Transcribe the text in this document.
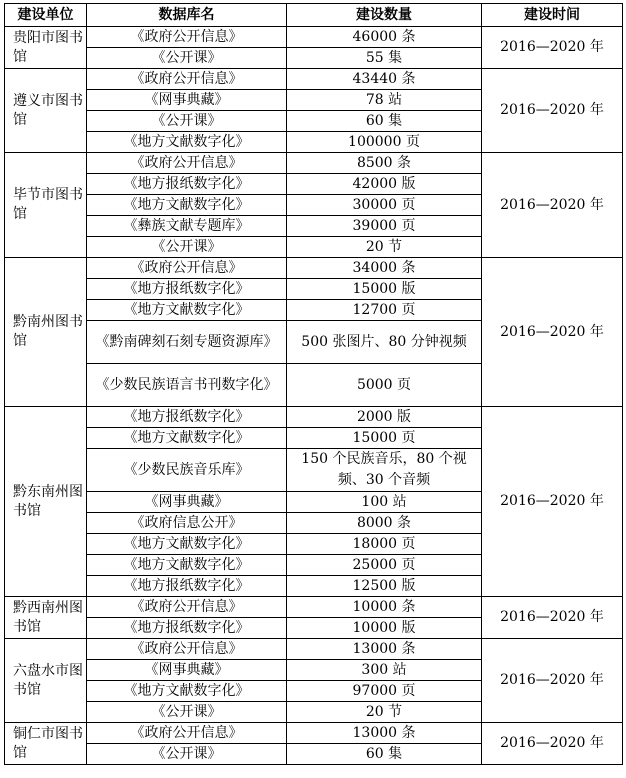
建设单位	数据库名	建设数量	建设时间
贵阳市图书馆	《政府公开信息》	46000 条	2016—2020 年
	《公开课》	55 集	
遵义市图书馆	《政府公开信息》	43440 条	2016—2020 年
	《网事典藏》	78 站	
	《公开课》	60 集	
	《地方文献数字化》	100000 页	
毕节市图书馆	《政府公开信息》	8500 条	2016—2020 年
	《地方报纸数字化》	42000 版	
	《地方文献数字化》	30000 页	
	《彝族文献专题库》	39000 页	
	《公开课》	20 节	
黔南州图书馆	《政府公开信息》	34000 条	2016—2020 年
	《地方报纸数字化》	15000 版	
	《地方文献数字化》	12700 页	
	《黔南碑刻石刻专题资源库》	500 张图片、80 分钟视频	
	《少数民族语言书刊数字化》	5000 页	
黔东南州图书馆	《地方报纸数字化》	2000 版	2016—2020 年
	《地方文献数字化》	15000 页	
	《少数民族音乐库》	150 个民族音乐，80 个视频、30 个音频	
	《网事典藏》	100 站	
	《政府信息公开》	8000 条	
	《地方文献数字化》	18000 页	
	《地方文献数字化》	25000 页	
	《地方报纸数字化》	12500 版	
黔西南州图书馆	《政府公开信息》	10000 条	2016—2020 年
	《地方报纸数字化》	10000 版	
六盘水市图书馆	《政府公开信息》	13000 条	2016—2020 年
	《网事典藏》	300 站	
	《地方文献数字化》	97000 页	
	《公开课》	20 节	
铜仁市图书馆	《政府公开信息》	13000 条	2016—2020 年
	《公开课》	60 集	
